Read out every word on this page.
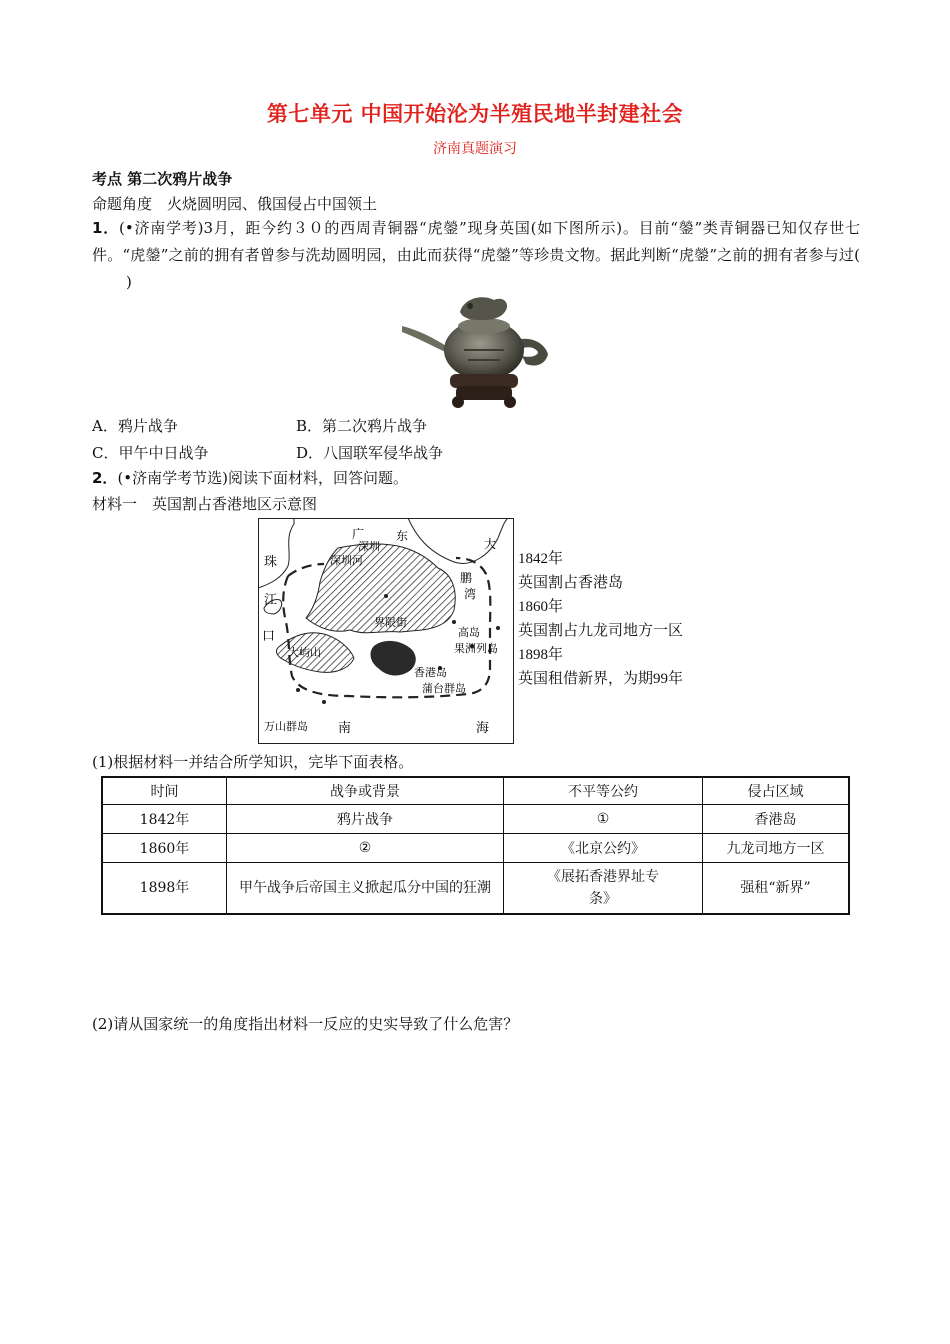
第七单元 中国开始沦为半殖民地半封建社会
济南真题演习
考点 第二次鸦片战争
命题角度　火烧圆明园、俄国侵占中国领土
1．(•济南学考)3月，距今约３０的西周青铜器“虎鎣”现身英国(如下图所示)。目前“鎣”类青铜器已知仅存世七件。“虎鎣”之前的拥有者曾参与洗劫圆明园，由此而获得“虎鎣”等珍贵文物。据此判断“虎鎣”之前的拥有者参与过()
A．鸦片战争	B．第二次鸦片战争
C．甲午中日战争	D．八国联军侵华战争
2．(•济南学考节选)阅读下面材料，回答问题。
材料一　英国割占香港地区示意图
广	东
深圳
深圳河
大
鹏
湾
珠
江
口
界限街
高岛
大屿山	果洲列岛
香港岛
蒲台群岛
万山群岛 南	海
1842年
英国割占香港岛
1860年
英国割占九龙司地方一区
1898年
英国租借新界，为期99年
(1)根据材料一并结合所学知识，完毕下面表格。
时间	战争或背景	不平等公约	侵占区域
1842年	鸦片战争	①	香港岛
1860年	②	《北京公约》	九龙司地方一区
1898年	甲午战争后帝国主义掀起瓜分中国的狂潮	《展拓香港界址专条》	强租“新界”
(2)请从国家统一的角度指出材料一反应的史实导致了什么危害？
